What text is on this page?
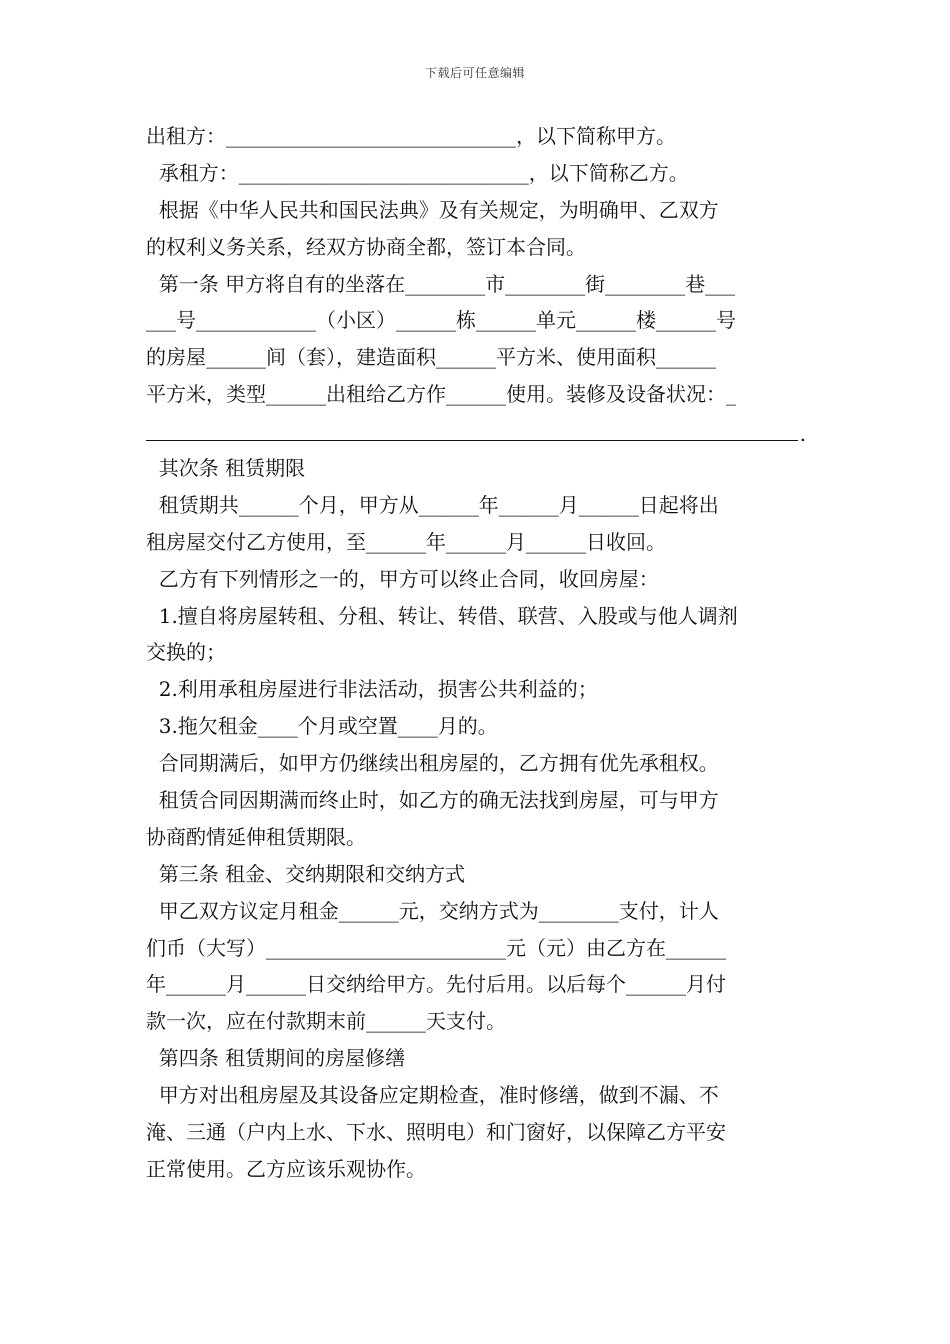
下载后可任意编辑
出租方：_____________________________，以下简称甲方。
承租方：_____________________________，以下简称乙方。
根据《中华人民共和国民法典》及有关规定，为明确甲、乙双方
的权利义务关系，经双方协商全都，签订本合同。
第一条 甲方将自有的坐落在________市________街________巷___
___号____________（小区）______栋______单元______楼______号
的房屋______间（套），建造面积______平方米、使用面积______
平方米，类型______出租给乙方作______使用。装修及设备状况：_
.
其次条 租赁期限
租赁期共______个月，甲方从______年______月______日起将出
租房屋交付乙方使用，至______年______月______日收回。
乙方有下列情形之一的，甲方可以终止合同，收回房屋：
1.擅自将房屋转租、分租、转让、转借、联营、入股或与他人调剂
交换的；
2.利用承租房屋进行非法活动，损害公共利益的；
3.拖欠租金____个月或空置____月的。
合同期满后，如甲方仍继续出租房屋的，乙方拥有优先承租权。
租赁合同因期满而终止时，如乙方的确无法找到房屋，可与甲方
协商酌情延伸租赁期限。
第三条 租金、交纳期限和交纳方式
甲乙双方议定月租金______元，交纳方式为________支付，计人
们币（大写）________________________元（元）由乙方在______
年______月______日交纳给甲方。先付后用。以后每个______月付
款一次，应在付款期末前______天支付。
第四条 租赁期间的房屋修缮
甲方对出租房屋及其设备应定期检查，准时修缮，做到不漏、不
淹、三通（户内上水、下水、照明电）和门窗好，以保障乙方平安
正常使用。乙方应该乐观协作。
